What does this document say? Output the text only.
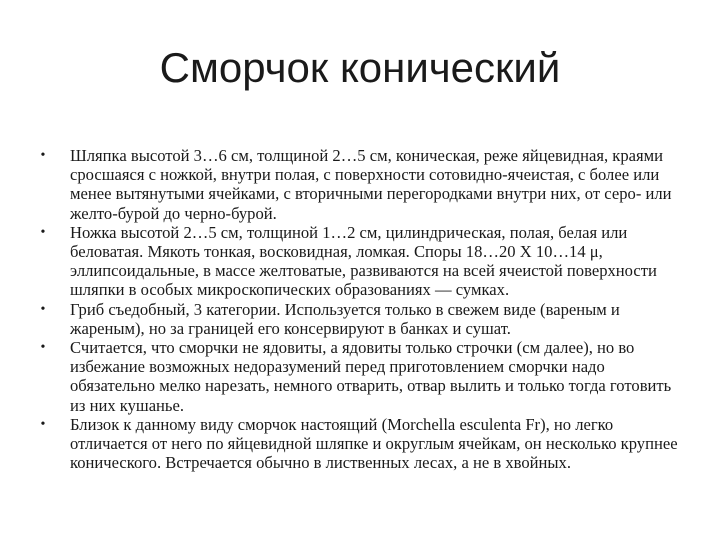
Сморчок конический
• Шляпка высотой 3…6 см, толщиной 2…5 см, коническая, реже яйцевидная, краями сросшаяся с ножкой, внутри полая, с поверхности сотовидно-ячеистая, с более или менее вытянутыми ячейками, с вторичными перегородками внутри них, от серо- или желто-бурой до черно-бурой.
• Ножка высотой 2…5 см, толщиной 1…2 см, цилиндрическая, полая, белая или беловатая. Мякоть тонкая, восковидная, ломкая. Споры 18…20 Х 10…14 μ, эллипсоидальные, в массе желтоватые, развиваются на всей ячеистой поверхности шляпки в особых микроскопических образованиях — сумках.
• Гриб съедобный, 3 категории. Используется только в свежем виде (вареным и жареным), но за границей его консервируют в банках и сушат.
• Считается, что сморчки не ядовиты, а ядовиты только строчки (см далее), но во избежание возможных недоразумений перед приготовлением сморчки надо обязательно мелко нарезать, немного отварить, отвар вылить и только тогда готовить из них кушанье.
• Близок к данному виду сморчок настоящий (Morchella esculenta Fr), но легко отличается от него по яйцевидной шляпке и округлым ячейкам, он несколько крупнее конического. Встречается обычно в лиственных лесах, а не в хвойных.
